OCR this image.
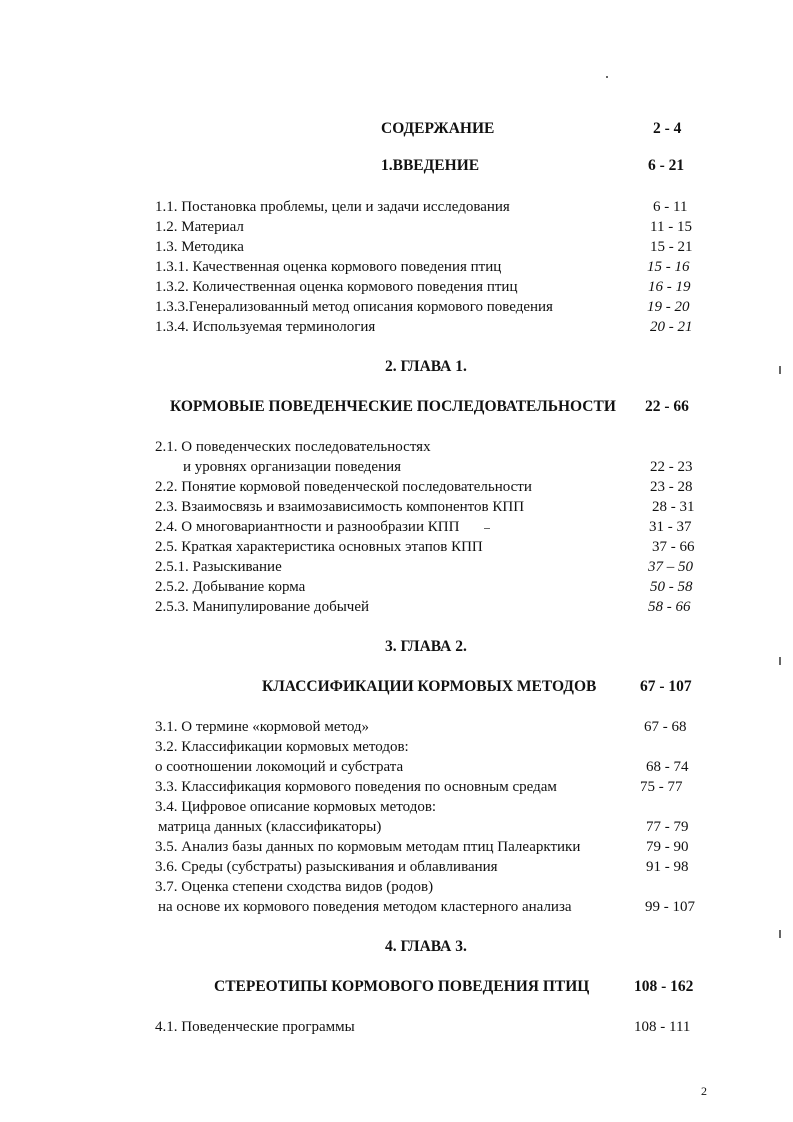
СОДЕРЖАНИЕ	2 - 4
1.ВВЕДЕНИЕ	6 - 21
1.1. Постановка проблемы, цели и задачи исследования	6 - 11
1.2. Материал	11 - 15
1.3. Методика	15 - 21
1.3.1. Качественная оценка кормового поведения птиц	15 - 16
1.3.2. Количественная оценка кормового поведения птиц	16 - 19
1.3.3.Генерализованный метод описания кормового поведения	19 - 20
1.3.4. Используемая терминология	20 - 21
2. ГЛАВА 1.
КОРМОВЫЕ ПОВЕДЕНЧЕСКИЕ ПОСЛЕДОВАТЕЛЬНОСТИ 22 - 66
2.1. О поведенческих последовательностях
и уровнях организации поведения	22 - 23
2.2. Понятие кормовой поведенческой последовательности	23 - 28
2.3. Взаимосвязь и взаимозависимость компонентов КПП	28 - 31
2.4. О многовариантности и разнообразии КПП	31 - 37
2.5. Краткая характеристика основных этапов КПП	37 - 66
2.5.1. Разыскивание	37 – 50
2.5.2. Добывание корма	50 - 58
2.5.3. Манипулирование добычей	58 - 66
3. ГЛАВА 2.
КЛАССИФИКАЦИИ КОРМОВЫХ МЕТОДОВ	67 - 107
3.1. О термине «кормовой метод»	67 - 68
3.2. Классификации кормовых методов:
о соотношении локомоций и субстрата	68 - 74
3.3. Классификация кормового поведения по основным средам	75 - 77
3.4. Цифровое описание кормовых методов:
матрица данных (классификаторы)	77 - 79
3.5. Анализ базы данных по кормовым методам птиц Палеарктики	79 - 90
3.6. Среды (субстраты) разыскивания и облавливания	91 - 98
3.7. Оценка степени сходства видов (родов)
на основе их кормового поведения методом кластерного анализа	99 - 107
4. ГЛАВА 3.
СТЕРЕОТИПЫ КОРМОВОГО ПОВЕДЕНИЯ ПТИЦ	108 - 162
4.1. Поведенческие программы	108 - 111
2
